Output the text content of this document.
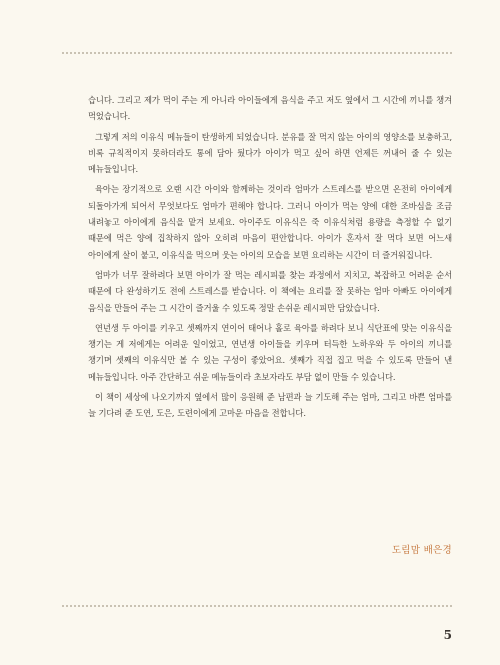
습니다. 그리고 제가 먹이 주는 게 아니라 아이들에게 음식을 주고 저도 옆에서 그 시간에 끼니를 챙겨 먹었습니다.

그렇게 저의 이유식 메뉴들이 탄생하게 되었습니다. 분유를 잘 먹지 않는 아이의 영양소를 보충하고, 비록 규칙적이지 못하더라도 통에 담아 뒀다가 아이가 먹고 싶어 하면 언제든 꺼내어 줄 수 있는 메뉴들입니다.

육아는 장기적으로 오랜 시간 아이와 함께하는 것이라 엄마가 스트레스를 받으면 온전히 아이에게 되돌아가게 되어서 무엇보다도 엄마가 편해야 합니다. 그러니 아이가 먹는 양에 대한 조바심을 조금 내려놓고 아이에게 음식을 맡겨 보세요. 아이주도 이유식은 죽 이유식처럼 용량을 측정할 수 없기 때문에 먹은 양에 집착하지 않아 오히려 마음이 편안합니다. 아이가 혼자서 잘 먹다 보면 어느새 아이에게 살이 붙고, 이유식을 먹으며 웃는 아이의 모습을 보면 요리하는 시간이 더 즐거워집니다.

엄마가 너무 잘하려다 보면 아이가 잘 먹는 레시피를 찾는 과정에서 지치고, 복잡하고 어려운 순서 때문에 다 완성하기도 전에 스트레스를 받습니다. 이 책에는 요리를 잘 못하는 엄마 아빠도 아이에게 음식을 만들어 주는 그 시간이 즐거울 수 있도록 정말 손쉬운 레시피만 담았습니다.

연년생 두 아이를 키우고 셋째까지 연이어 태어나 홀로 육아를 하려다 보니 식단표에 맞는 이유식을 챙기는 게 저에게는 어려운 일이었고, 연년생 아이들을 키우며 터득한 노하우와 두 아이의 끼니를 챙기며 셋째의 이유식만 볼 수 있는 구성이 좋았어요. 셋째가 직접 집고 먹을 수 있도록 만들어 낸 메뉴들입니다. 아주 간단하고 쉬운 메뉴들이라 초보자라도 부담 없이 만들 수 있습니다.

이 책이 세상에 나오기까지 옆에서 많이 응원해 준 남편과 늘 기도해 주는 엄마, 그리고 바쁜 엄마를 늘 기다려 준 도연, 도은, 도련이에게 고마운 마음을 전합니다.

도림맘 배은경
5
